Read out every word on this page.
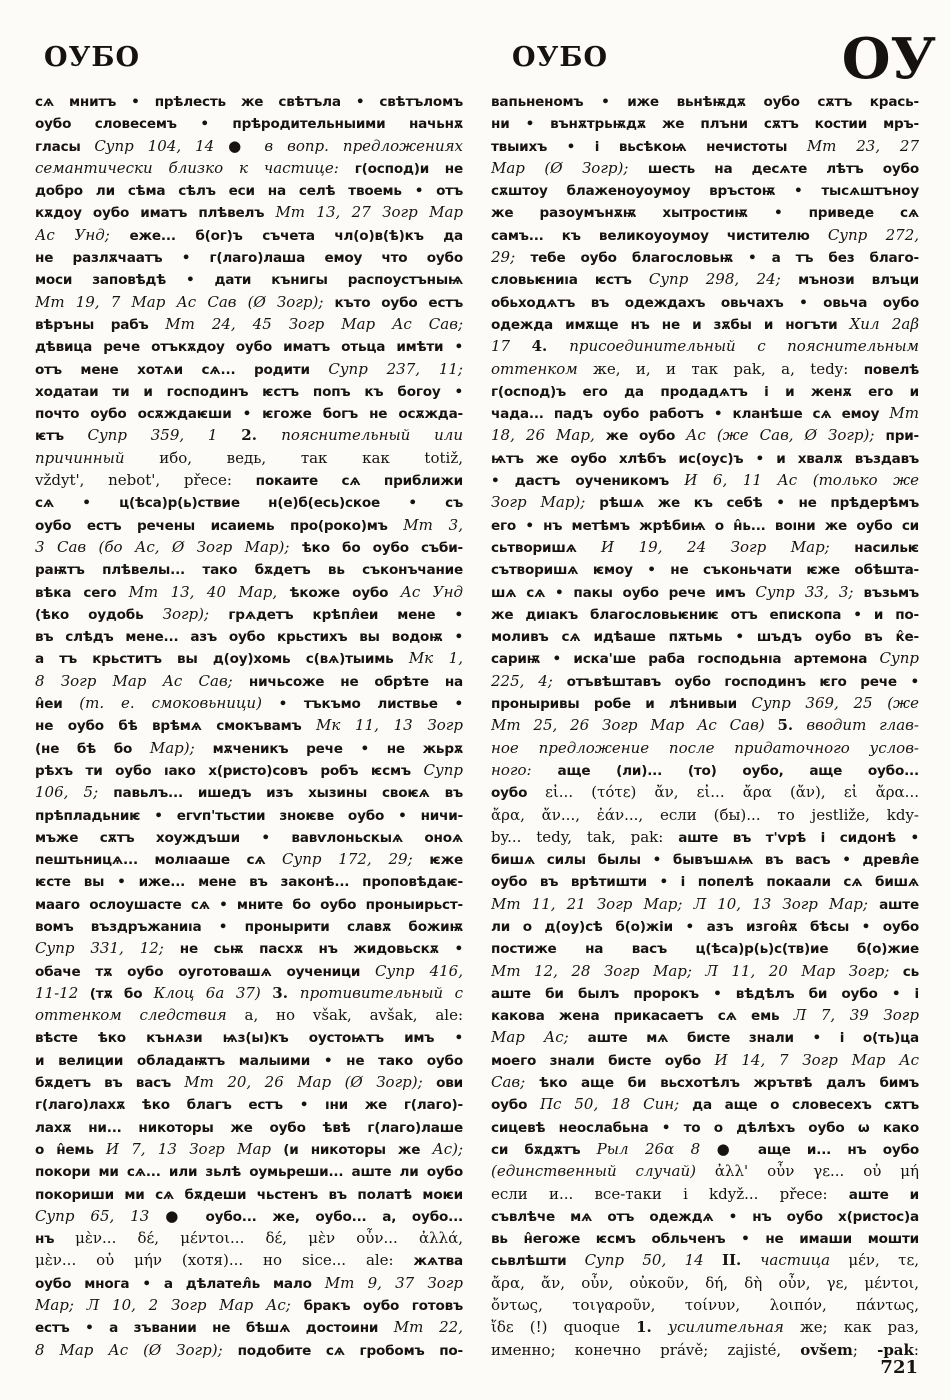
ОУБО	ОУБО	ОУ
сѧ мнитъ • прѣлесть же свѣтъла • свѣтъломъ
оубо словесемъ • прѣродительныими начьнѫ
гласы Супр 104, 14 ● в вопр. предложениях
семантически близко к частице: г(оспод)и не
добро ли сѣма сѣлъ еси на селѣ твоемь • отъ
кѫдоу оубо иматъ плѣвелъ Мт 13, 27 Зогр Мар
Ас Унд; еже... б(ог)ъ съчета чл(о)в(ѣ)къ да
не разлѫчаатъ • г(лаго)лаша емоу что оубо
моси заповѣдѣ • дати кънигы распоустъныѩ
Мт 19, 7 Мар Ас Сав (Ø Зогр); къто оубо естъ
вѣръны рабъ Мт 24, 45 Зогр Мар Ас Сав;
дѣвица рече отъкѫдоу оубо иматъ отьца имѣти •
отъ мене хотѧи сѧ... родити Супр 237, 11;
ходатаи ти и господинъ ѥстъ попъ къ богоу •
почто оубо осѫждаѥши • ѥгоже богъ не осѫжда-
ѥтъ Супр 359, 1 2. пояснительный или
причинный ибо, ведь, так как totiž,
vždyt', nebot', přece: покаите сѧ приближи
сѧ • ц(ѣса)р(ь)ствие н(е)б(есь)ское • съ
оубо естъ речены исаиемь про(роко)мъ Мт 3,
3 Сав (бо Ас, Ø Зогр Мар); ѣко бо оубо съби-
раѭтъ плѣвелы... тако бѫдетъ вь съконъчание
вѣка сего Мт 13, 40 Мар, ѣкоже оубо Ас Унд
(ѣко оудобь Зогр); грѧдетъ крѣпл̂еи мене •
въ слѣдъ мене... азъ оубо крьстихъ вы водоѭ •
а тъ крьститъ вы д(оу)хомь с(вѧ)тыимь Мк 1,
8 Зогр Мар Ас Сав; ничьсоже не обрѣте на
н̂еи (т. е. смоковьници) • тъкъмо листвье •
не оубо бѣ врѣмѧ смокъвамъ Мк 11, 13 Зогр
(не бѣ бо Мар); мѫченикъ рече • не жьрѫ
рѣхъ ти оубо ıако х(ристо)совъ робъ ѥсмъ Супр
106, 5; павьлъ... ишедъ изъ хызины своѥѧ въ
прѣпладьниѥ • егѵп'тьстии зноѥве оубо • ничи-
мъже сѫтъ хоуждъши • вавѵлоньскыѧ оноѧ
пештьницѧ... молıааше сѧ Супр 172, 29; ѥже
ѥсте вы • иже... мене въ законѣ... проповѣдаѥ-
мааго ослоушасте сѧ • мните бо оубо проныирьст-
вомъ въздръжаниıа • пронырити славѫ божиѭ
Супр 331, 12; не сьѭ пасхѫ нъ жидовьскѫ •
обаче тѫ оубо оуготовашѧ оученици Супр 416,
11-12 (тѫ бо Клоц 6а 37) 3. противительный с
оттенком следствия а, но však, avšak, ale:
вѣсте ѣко кънѧзи ѩз(ы)къ оустоѩтъ имъ •
и велиции обладаѭтъ малыими • не тако оубо
бѫдетъ въ васъ Мт 20, 26 Мар (Ø Зогр); ови
г(лаго)лахѫ ѣко благъ естъ • ıни же г(лаго)-
лахѫ ни... никоторы же оубо ѣвѣ г(лаго)лаше
о н̂емь И 7, 13 Зогр Мар (и никоторы же Ас);
покори ми сѧ... или зьлѣ оумьреши... аште ли оубо
покориши ми сѧ бѫдеши чьстенъ въ полатѣ моѥи
Супр 65, 13 ● оубо... же, оубо... а, оубо...
нъ μὲν... δέ, μέντοι... δέ, μὲν οὖν... ἀλλά,
μὲν... οὐ μήν (хотя)... но sice... ale: жѧтва
оубо многа • а дѣлател̂ь мало Мт 9, 37 Зогр
Мар; Л 10, 2 Зогр Мар Ас; бракъ оубо готовъ
естъ • а зъвании не бѣшѧ достоини Мт 22,
8 Мар Ас (Ø Зогр); подобите сѧ гробомъ по-
вапьненомъ • иже вьнѣѭдѫ оубо сѫтъ крась-
ни • вънѫтрьѭдѫ же плъни сѫтъ костии мръ-
твыихъ • і вьсѣкоѩ нечистоты Мт 23, 27
Мар (Ø Зогр); шесть на десѧте лѣтъ оубо
сѫштоу блаженоуоумоу връстоѭ • тысѧштъноу
же разоумънѫѭ хытростиѭ • приведе сѧ
самъ... къ великоуоумоу чистителю Супр 272,
29; тебе оубо благословьѭ • а тъ без благо-
словьѥниıа ѥстъ Супр 298, 24; мънози влъци
обьходѧтъ въ одеждахъ овьчахъ • овьча оубо
одежда имѫще нъ не и зѫбы и ногъти Хил 2аβ
17 4. присоединительный с пояснительным
оттенком же, и, и так pak, a, tedy: повелѣ
г(оспод)ъ его да продадѧтъ і и женѫ его и
чада... падъ оубо работъ • кланѣше сѧ емоу Мт
18, 26 Мар, же оубо Ас (же Сав, Ø Зогр); при-
ѩтъ же оубо хлѣбъ ис(оус)ъ • и хвалѫ въздавъ
• дастъ оученикомъ И 6, 11 Ас (только же
Зогр Мар); рѣшѧ же къ себѣ • не прѣдерѣмъ
его • нъ метѣмъ жрѣбиѩ о н̂ь... воıни же оубо си
сьтворишѧ И 19, 24 Зогр Мар; насильѥ
сътворишѧ ѥмоу • не съконьчати ѥже обѣшта-
шѧ сѧ • пакы оубо рече имъ Супр 33, 3; възьмъ
же диıакъ благословьѥниѥ отъ епископа • и по-
моливъ сѧ идѣаше пѫтьмь • шъдъ оубо въ к̂е-
сариѭ • иска'ше раба господьнıа артемона Супр
225, 4; отъвѣштавъ оубо господинъ ѥго рече •
проныривы робе и лѣнивыи Супр 369, 25 (же
Мт 25, 26 Зогр Мар Ас Сав) 5. вводит глав-
ное предложение после придаточного услов-
ного: аще (ли)... (то) оубо, аще оубо...
оубо εἰ... (τότε) ἄν, εἰ... ἄρα (ἄν), εἰ ἄρα...
ἄρα, ἄν..., ἐάν..., если (бы)... то jestliže, kdy-
by... tedy, tak, pak: аште въ т'ѵрѣ і сидонѣ •
бишѧ силы былы • бывъшѧѩ въ васъ • древл̂е
оубо въ врѣтишти • і попелѣ покаали сѧ бишѧ
Мт 11, 21 Зогр Мар; Л 10, 13 Зогр Мар; аште
ли о д(оу)сѣ б(о)жіи • азъ изгон̂ѫ бѣсы • оубо
постиже на васъ ц(ѣса)р(ь)с(тв)ие б(о)жие
Мт 12, 28 Зогр Мар; Л 11, 20 Мар Зогр; сь
аште би былъ пророкъ • вѣдѣлъ би оубо • і
какова жена прикасаетъ сѧ емь Л 7, 39 Зогр
Мар Ас; аште мѧ бисте знали • і о(ть)ца
моего знали бисте оубо И 14, 7 Зогр Мар Ас
Сав; ѣко аще би вьсхотѣлъ жрътвѣ далъ бимъ
оубо Пс 50, 18 Син; да аще о словесехъ сѫтъ
сицевѣ неослабьна • то о дѣлѣхъ оубо ѡ како
си бѫдѫтъ Рыл 26α 8 ● аще и... нъ оубо
(единственный случай) ἀλλ' οὖν γε... οὐ μή
если и... все-таки i když... přece: аште и
съвлѣче мѧ отъ одеждѧ • нъ оубо х(ристос)а
вь н̂егоже ѥсмъ обльченъ • не имаши мошти
сьвлѣшти Супр 50, 14 II. частица μέν, τε,
ἄρα, ἄν, οὖν, οὐκοῦν, δή, δὴ οὖν, γε, μέντοι,
ὄντως, τοιγαροῦν, τοίνυν, λοιπόν, πάντως,
ἴδε (!) quoque 1. усилительная же; как раз,
именно; конечно právě; zajisté, ovšem; -pak:
721
